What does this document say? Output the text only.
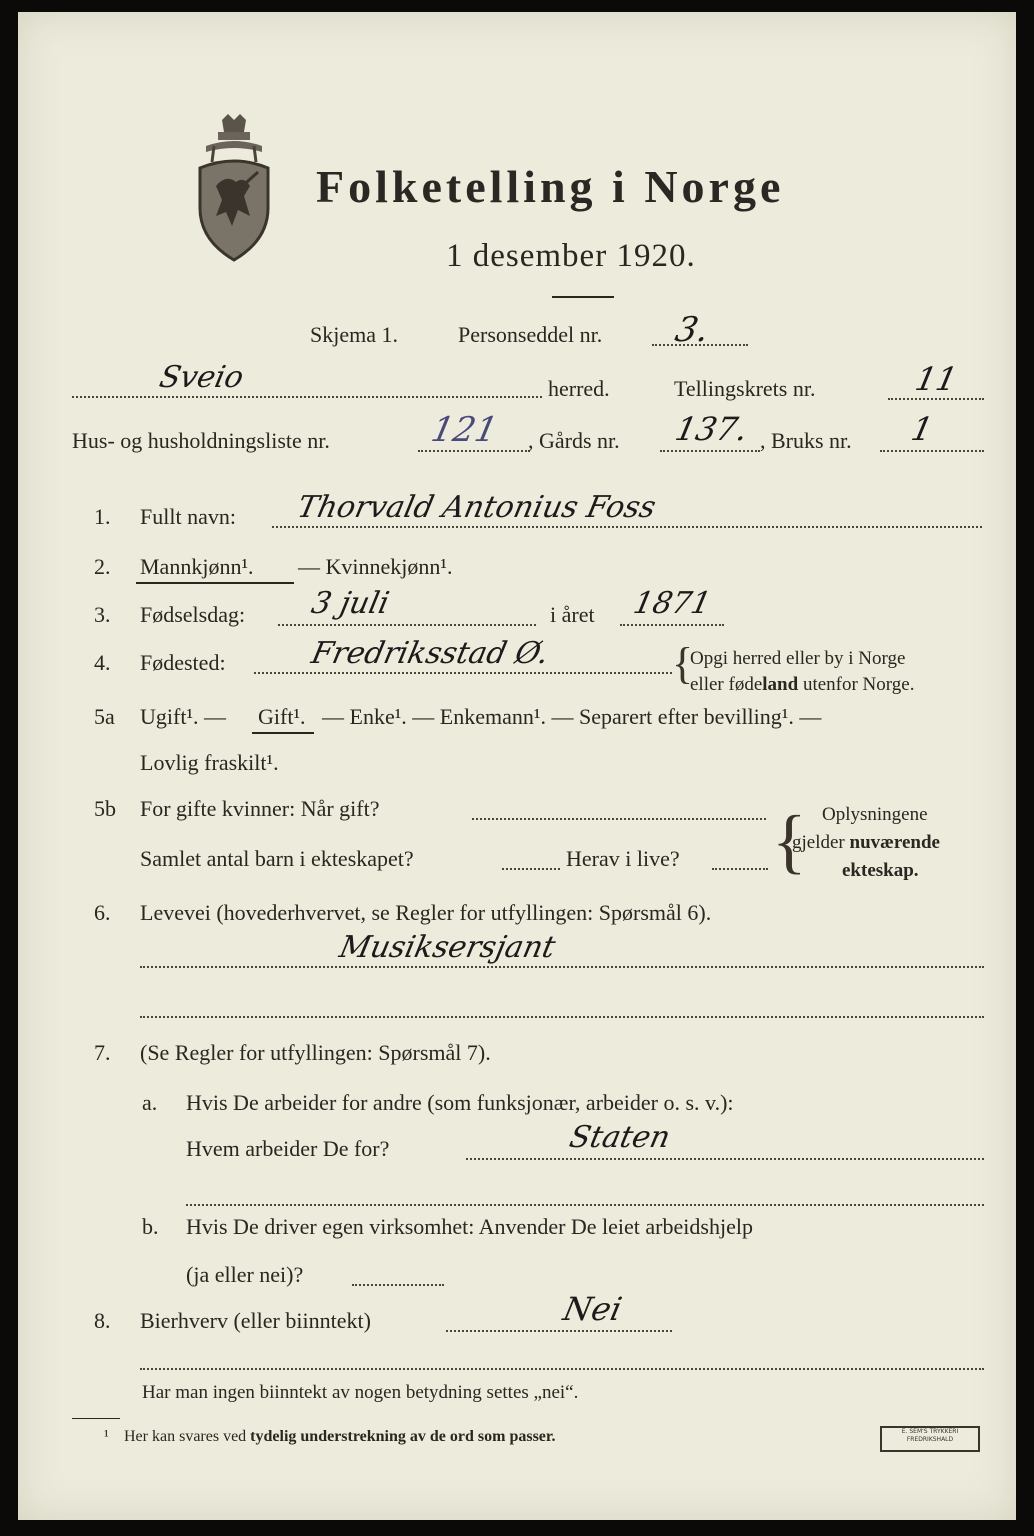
Folketelling i Norge
1 desember 1920.
Skjema 1.	Personseddel nr. 3.
Sveio	herred.	Tellingskrets nr.	11
Hus- og husholdningsliste nr.	121 , Gårds nr. 137. , Bruks nr. 1
1. Fullt navn: Thorvald Antonius Foss
2. Mannkjønn¹. — Kvinnekjønn¹.
3. Fødselsdag: 3 juli	i året 1871
4. Fødested:	Fredriksstad Ø.	{
Opgi herred eller by i Norge
eller fødeland utenfor Norge.
5a Ugift¹. — Gift¹. — Enke¹. — Enkemann¹. — Separert efter bevilling¹. —
Lovlig fraskilt¹.
5b For gifte kvinner: Når gift?
Samlet antal barn i ekteskapet?	Herav i live? { Oplysningene
gjelder nuværende
ekteskap.
6. Levevei (hovederhvervet, se Regler for utfyllingen: Spørsmål 6).
Musiksersjant
7. (Se Regler for utfyllingen: Spørsmål 7).
a. Hvis De arbeider for andre (som funksjonær, arbeider o. s. v.):
Hvem arbeider De for?	Staten
b. Hvis De driver egen virksomhet: Anvender De leiet arbeidshjelp
(ja eller nei)?
8. Bierhverv (eller biinntekt)	Nei
Har man ingen biinntekt av nogen betydning settes „nei“.
¹ Her kan svares ved tydelig understrekning av de ord som passer.	E. SEM'S TRYKKERI FREDRIKSHALD
